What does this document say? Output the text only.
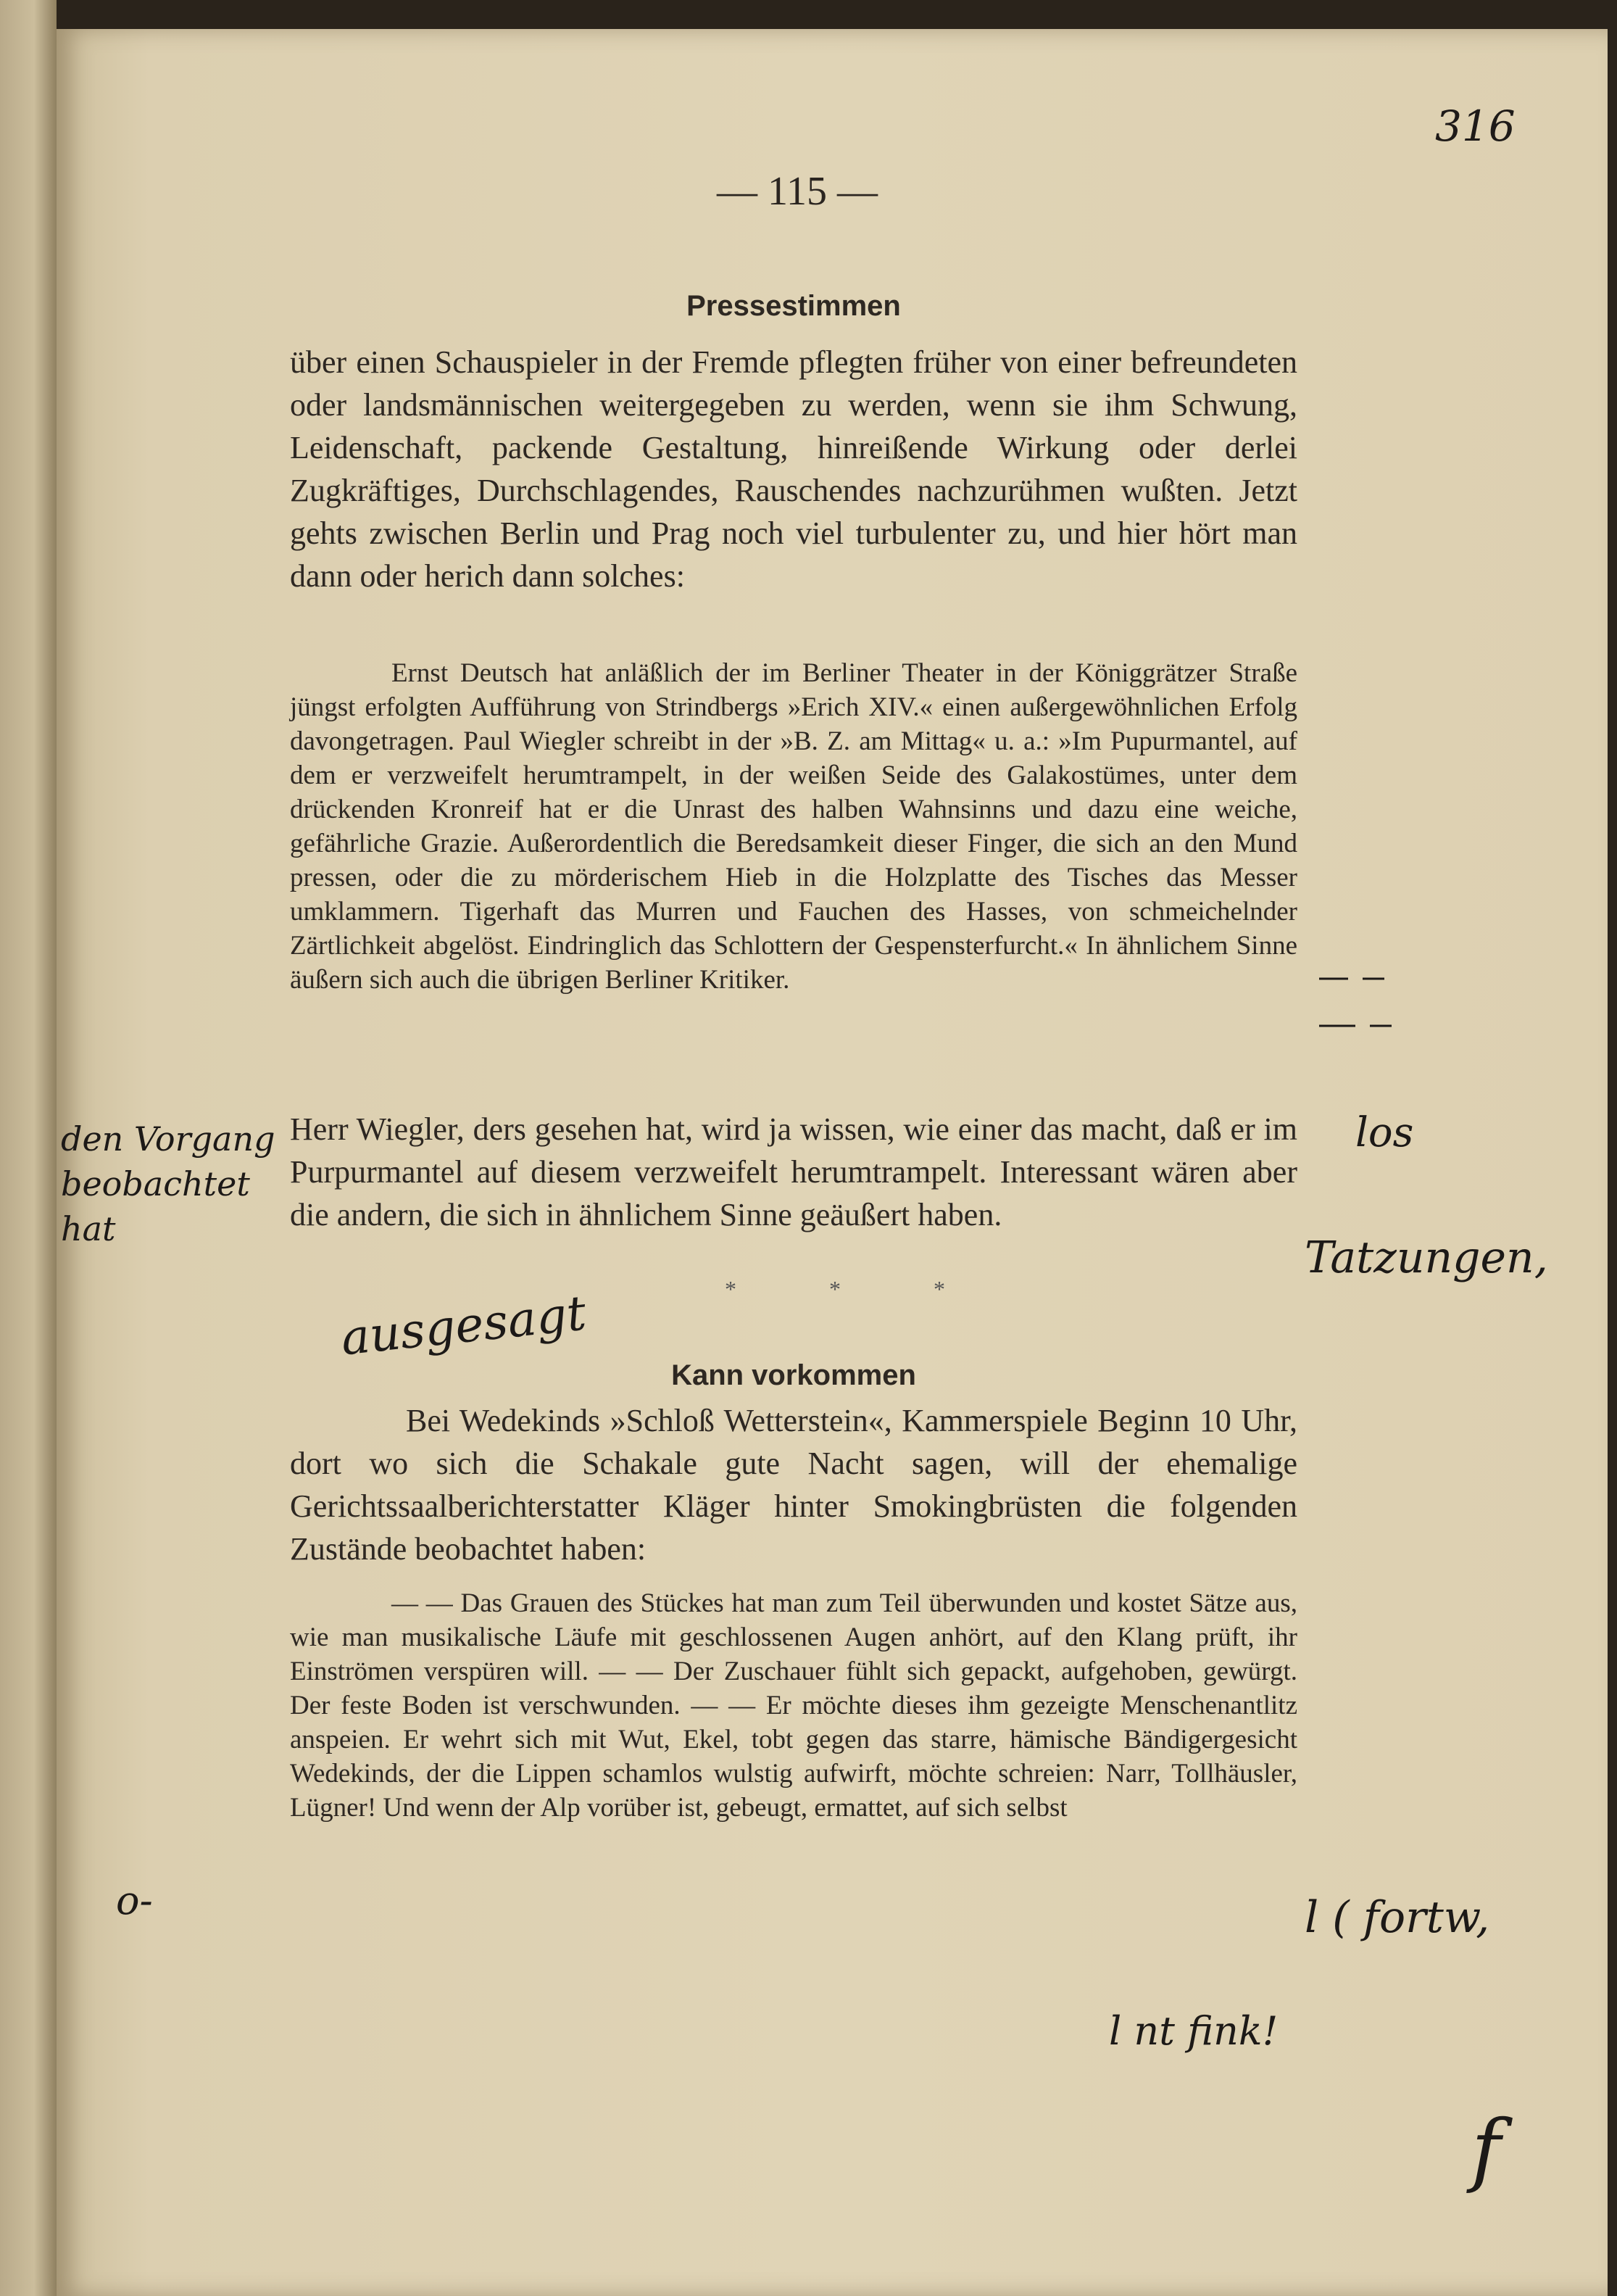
316
— 115 —
Pressestimmen
über einen Schauspieler in der Fremde pflegten früher von einer befreundeten oder landsmännischen weitergegeben zu werden, wenn sie ihm Schwung, Leidenschaft, packende Gestaltung, hinreißende Wirkung oder derlei Zugkräftiges, Durchschlagendes, Rauschendes nachzurühmen wußten. Jetzt gehts zwischen Berlin und Prag noch viel turbulenter zu, und hier hört man dann oder herich dann solches:
Ernst Deutsch hat anläßlich der im Berliner Theater in der Königgrätzer Straße jüngst erfolgten Aufführung von Strindbergs »Erich XIV.« einen außergewöhnlichen Erfolg davongetragen. Paul Wiegler schreibt in der »B. Z. am Mittag« u. a.: »Im Pupurmantel, auf dem er verzweifelt herumtrampelt, in der weißen Seide des Galakostümes, unter dem drückenden Kronreif hat er die Unrast des halben Wahnsinns und dazu eine weiche, gefährliche Grazie. Außerordentlich die Beredsamkeit dieser Finger, die sich an den Mund pressen, oder die zu mörderischem Hieb in die Holzplatte des Tisches das Messer umklammern. Tigerhaft das Murren und Fauchen des Hasses, von schmeichelnder Zärtlichkeit abgelöst. Eindringlich das Schlottern der Gespensterfurcht.« In ähnlichem Sinne äußern sich auch die übrigen Berliner Kritiker.
Herr Wiegler, ders gesehen hat, wird ja wissen, wie einer das macht, daß er im Purpurmantel auf diesem verzweifelt herumtrampelt. Interessant wären aber die andern, die sich in ähnlichem Sinne geäußert haben.
* * *
Kann vorkommen
Bei Wedekinds »Schloß Wetterstein«, Kammerspiele Beginn 10 Uhr, dort wo sich die Schakale gute Nacht sagen, will der ehemalige Gerichtssaalberichterstatter Kläger hinter Smokingbrüsten die folgenden Zustände beobachtet haben:
— — Das Grauen des Stückes hat man zum Teil überwunden und kostet Sätze aus, wie man musikalische Läufe mit geschlossenen Augen anhört, auf den Klang prüft, ihr Einströmen verspüren will. — — Der Zuschauer fühlt sich gepackt, aufgehoben, gewürgt. Der feste Boden ist verschwunden. — — Er möchte dieses ihm gezeigte Menschenantlitz anspeien. Er wehrt sich mit Wut, Ekel, tobt gegen das starre, hämische Bändigergesicht Wedekinds, der die Lippen schamlos wulstig aufwirft, möchte schreien: Narr, Tollhäusler, Lügner! Und wenn der Alp vorüber ist, gebeugt, ermattet, auf sich selbst
den Vorgang beobachtet hat
ausgesagt
los
Tatzungen,
o-	l ( fortw,
l nt fink!
f
